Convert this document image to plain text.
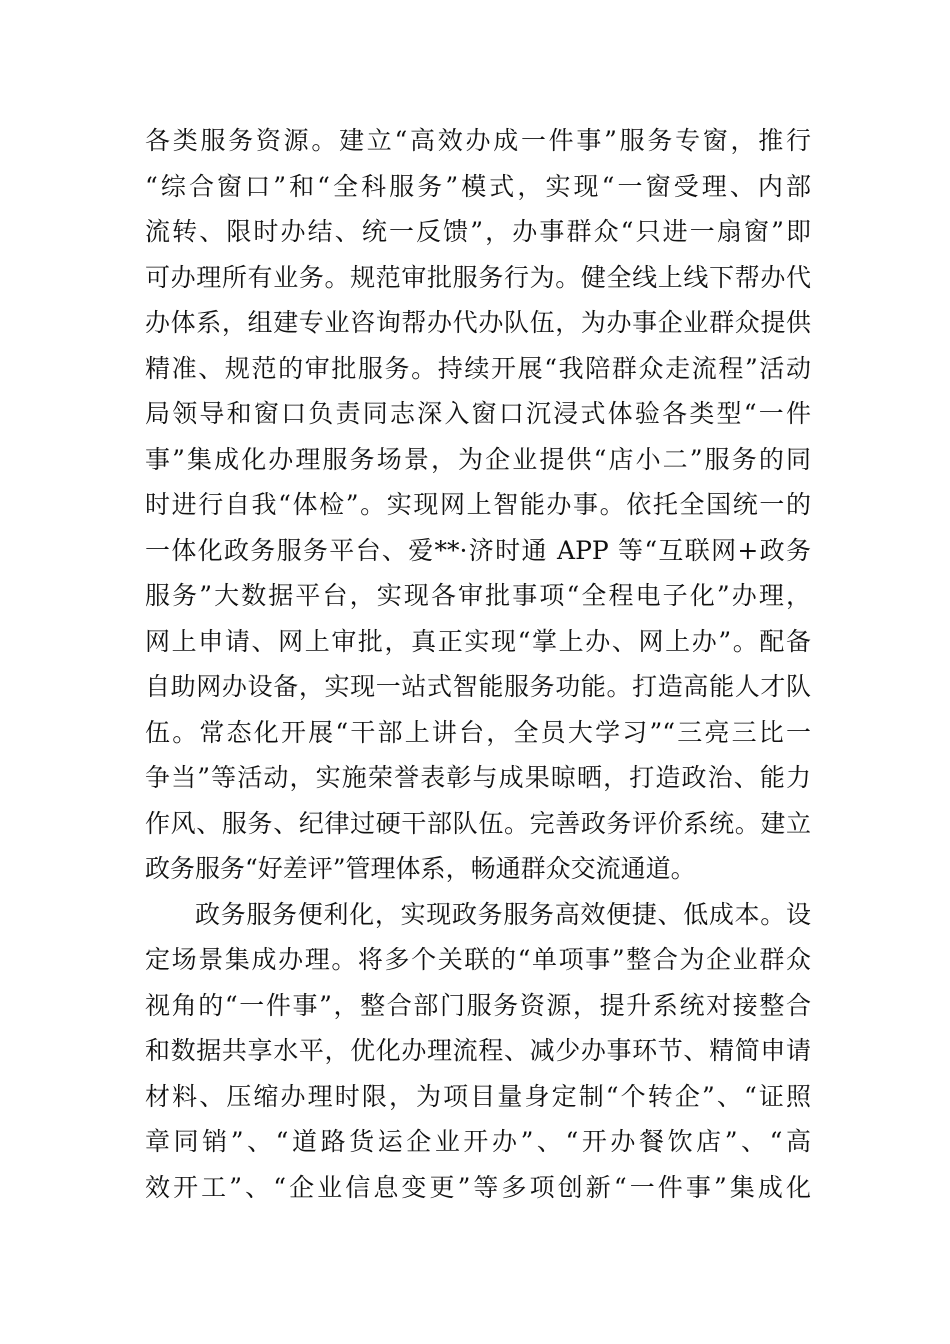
各类服务资源。建立“高效办成一件事”服务专窗，推行
“综合窗口”和“全科服务”模式，实现“一窗受理、内部
流转、限时办结、统一反馈”，办事群众“只进一扇窗”即
可办理所有业务。规范审批服务行为。健全线上线下帮办代
办体系，组建专业咨询帮办代办队伍，为办事企业群众提供
精准、规范的审批服务。持续开展“我陪群众走流程”活动
局领导和窗口负责同志深入窗口沉浸式体验各类型“一件
事”集成化办理服务场景，为企业提供“店小二”服务的同
时进行自我“体检”。实现网上智能办事。依托全国统一的
一体化政务服务平台、爱**·济时通 APP 等“互联网+政务
服务”大数据平台，实现各审批事项“全程电子化”办理，
网上申请、网上审批，真正实现“掌上办、网上办”。配备
自助网办设备，实现一站式智能服务功能。打造高能人才队
伍。常态化开展“干部上讲台，全员大学习”“三亮三比一
争当”等活动，实施荣誉表彰与成果晾晒，打造政治、能力
作风、服务、纪律过硬干部队伍。完善政务评价系统。建立
政务服务“好差评”管理体系，畅通群众交流通道。
政务服务便利化，实现政务服务高效便捷、低成本。设
定场景集成办理。将多个关联的“单项事”整合为企业群众
视角的“一件事”，整合部门服务资源，提升系统对接整合
和数据共享水平，优化办理流程、减少办事环节、精简申请
材料、压缩办理时限，为项目量身定制“个转企”、“证照
章同销”、“道路货运企业开办”、“开办餐饮店”、“高
效开工”、“企业信息变更”等多项创新“一件事”集成化
